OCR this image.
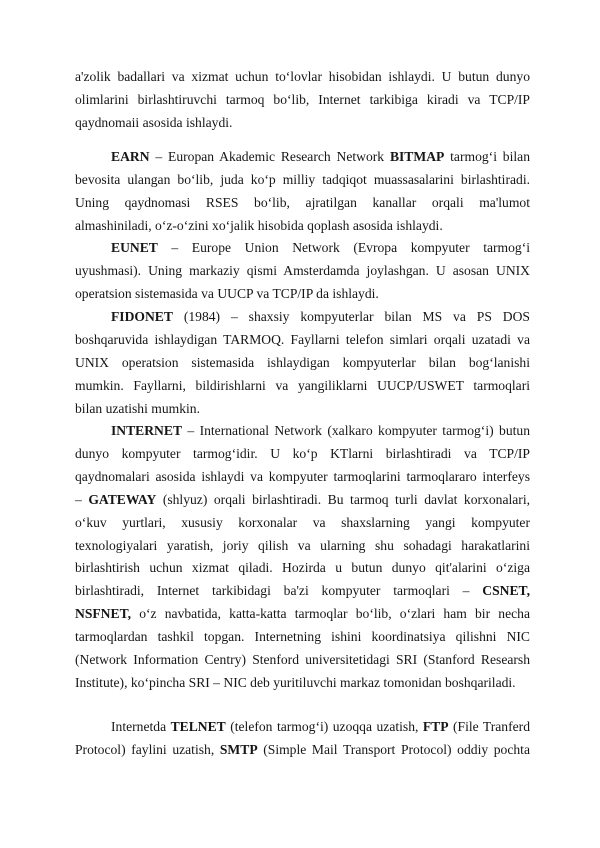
a'zolik badallari va xizmat uchun to‘lovlar hisobidan ishlaydi. U butun dunyo
olimlarini birlashtiruvchi tarmoq bo‘lib, Internet tarkibiga kiradi va TCP/IP
qaydnomaii asosida ishlaydi.
EARN – Europan Akademic Research Network BITMAP tarmog‘i bilan
bevosita ulangan bo‘lib, juda ko‘p milliy tadqiqot muassasalarini birlashtiradi.
Uning qaydnomasi RSES bo‘lib, ajratilgan kanallar orqali ma'lumot
almashiniladi, o‘z-o‘zini xo‘jalik hisobida qoplash asosida ishlaydi.
EUNET – Europe Union Network (Evropa kompyuter tarmog‘i
uyushmasi). Uning markaziy qismi Amsterdamda joylashgan. U asosan UNIX
operatsion sistemasida va UUCP va TCP/IP da ishlaydi.
FIDONET (1984) – shaxsiy kompyuterlar bilan MS va PS DOS
boshqaruvida ishlaydigan TARMOQ. Fayllarni telefon simlari orqali uzatadi va
UNIX operatsion sistemasida ishlaydigan kompyuterlar bilan bog‘lanishi
mumkin. Fayllarni, bildirishlarni va yangiliklarni UUCP/USWET tarmoqlari
bilan uzatishi mumkin.
INTERNET – International Network (xalkaro kompyuter tarmog‘i) butun
dunyo kompyuter tarmog‘idir. U ko‘p KTlarni birlashtiradi va TCP/IP
qaydnomalari asosida ishlaydi va kompyuter tarmoqlarini tarmoqlararo interfeys
– GATEWAY (shlyuz) orqali birlashtiradi. Bu tarmoq turli davlat korxonalari,
o‘kuv yurtlari, xususiy korxonalar va shaxslarning yangi kompyuter
texnologiyalari yaratish, joriy qilish va ularning shu sohadagi harakatlarini
birlashtirish uchun xizmat qiladi. Hozirda u butun dunyo qit'alarini o‘ziga
birlashtiradi, Internet tarkibidagi ba'zi kompyuter tarmoqlari – CSNET,
NSFNET, o‘z navbatida, katta-katta tarmoqlar bo‘lib, o‘zlari ham bir necha
tarmoqlardan tashkil topgan. Internetning ishini koordinatsiya qilishni NIC
(Network Information Centry) Stenford universitetidagi SRI (Stanford Researsh
Institute), ko‘pincha SRI – NIC deb yuritiluvchi markaz tomonidan boshqariladi.
Internetda TELNET (telefon tarmog‘i) uzoqqa uzatish, FTP (File Tranferd
Protocol) faylini uzatish, SMTP (Simple Mail Transport Protocol) oddiy pochta
